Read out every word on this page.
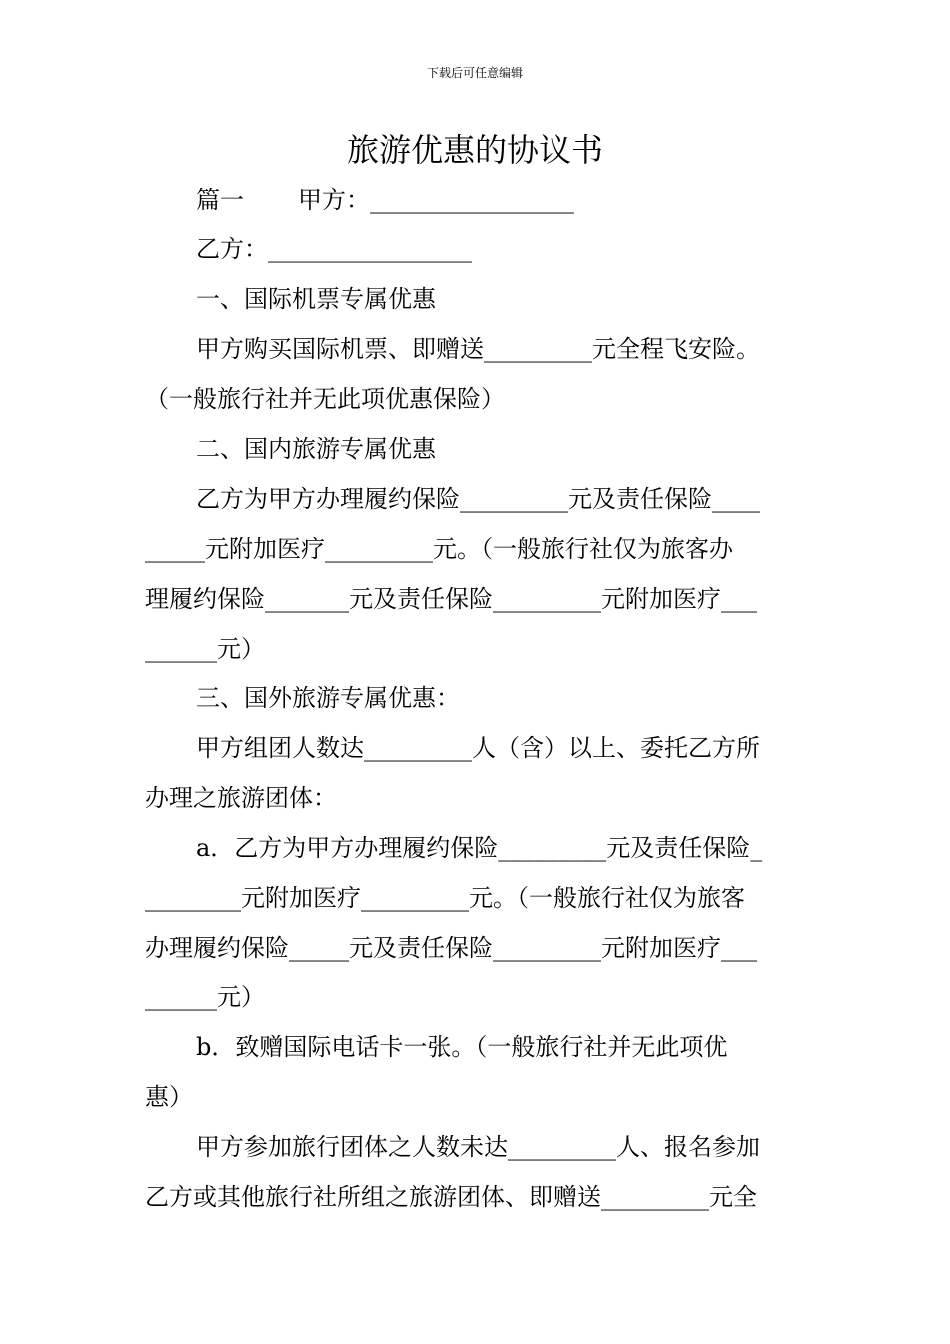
下载后可任意编辑
旅游优惠的协议书
篇一 甲方：_________________
乙方：_________________
一、国际机票专属优惠
甲方购买国际机票、即赠送_________元全程飞安险。
（一般旅行社并无此项优惠保险）
二、国内旅游专属优惠
乙方为甲方办理履约保险_________元及责任保险____
_____元附加医疗_________元。（一般旅行社仅为旅客办
理履约保险_______元及责任保险_________元附加医疗___
______元）
三、国外旅游专属优惠：
甲方组团人数达_________人（含）以上、委托乙方所
办理之旅游团体：
a．乙方为甲方办理履约保险_________元及责任保险_
________元附加医疗_________元。（一般旅行社仅为旅客
办理履约保险_____元及责任保险_________元附加医疗___
______元）
b．致赠国际电话卡一张。（一般旅行社并无此项优
惠）
甲方参加旅行团体之人数未达_________人、报名参加
乙方或其他旅行社所组之旅游团体、即赠送_________元全
